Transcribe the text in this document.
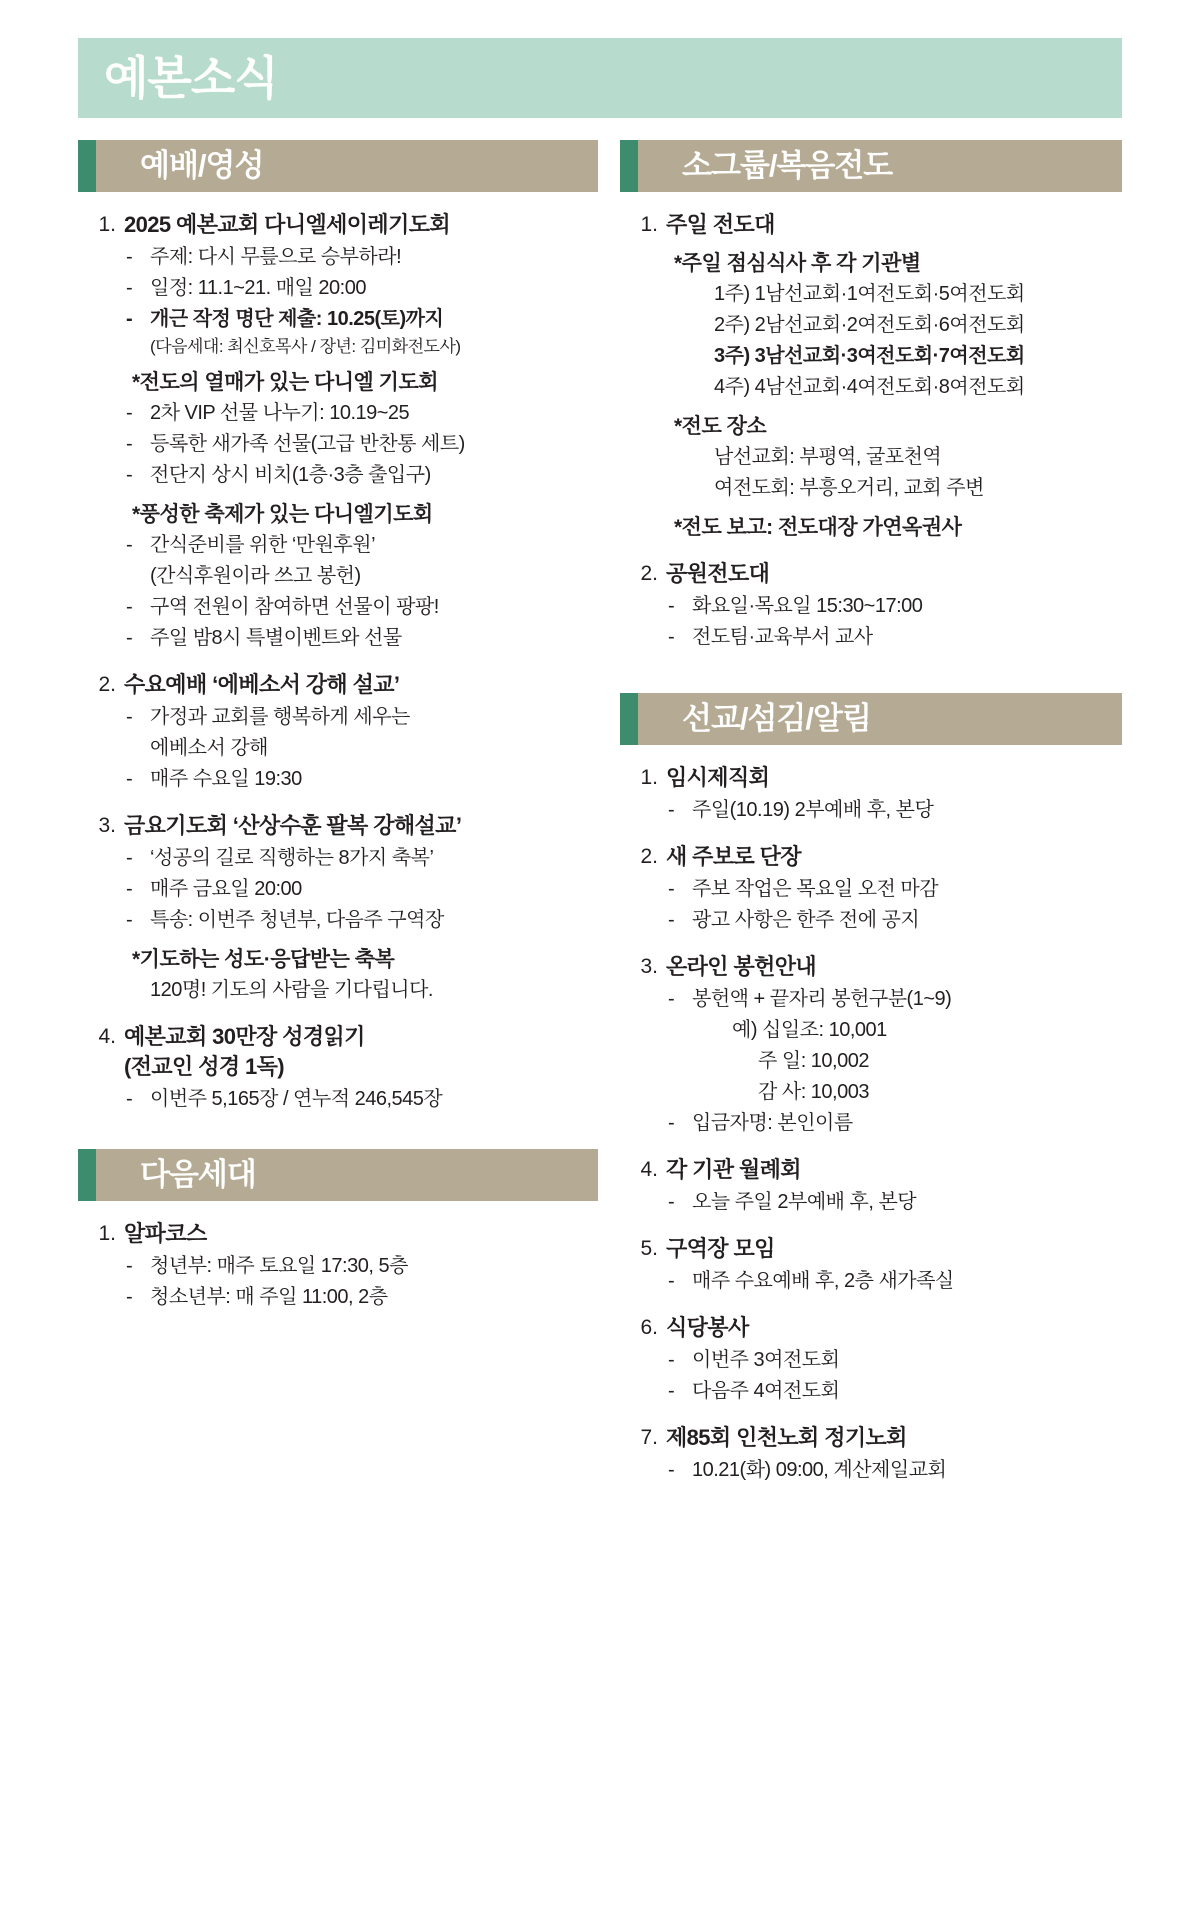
예본소식
예배/영성
1. 2025 예본교회 다니엘세이레기도회
- 주제: 다시 무릎으로 승부하라!
- 일정: 11.1~21. 매일 20:00
- 개근 작정 명단 제출: 10.25(토)까지
(다음세대: 최신호목사 / 장년: 김미화전도사)
*전도의 열매가 있는 다니엘 기도회
- 2차 VIP 선물 나누기: 10.19~25
- 등록한 새가족 선물(고급 반찬통 세트)
- 전단지 상시 비치(1층·3층 출입구)
*풍성한 축제가 있는 다니엘기도회
- 간식준비를 위한 ‘만원후원’
(간식후원이라 쓰고 봉헌)
- 구역 전원이 참여하면 선물이 팡팡!
- 주일 밤8시 특별이벤트와 선물
2. 수요예배 ‘에베소서 강해 설교’
- 가정과 교회를 행복하게 세우는
에베소서 강해
- 매주 수요일 19:30
3. 금요기도회 ‘산상수훈 팔복 강해설교’
- ‘성공의 길로 직행하는 8가지 축복’
- 매주 금요일 20:00
- 특송: 이번주 청년부, 다음주 구역장
*기도하는 성도·응답받는 축복
120명! 기도의 사람을 기다립니다.
4. 예본교회 30만장 성경읽기
(전교인 성경 1독)
- 이번주 5,165장 / 연누적 246,545장
다음세대
1. 알파코스
- 청년부: 매주 토요일 17:30, 5층
- 청소년부: 매 주일 11:00, 2층
소그룹/복음전도
1. 주일 전도대
*주일 점심식사 후 각 기관별
1주) 1남선교회·1여전도회·5여전도회
2주) 2남선교회·2여전도회·6여전도회
3주) 3남선교회·3여전도회·7여전도회
4주) 4남선교회·4여전도회·8여전도회
*전도 장소
남선교회: 부평역, 굴포천역
여전도회: 부흥오거리, 교회 주변
*전도 보고: 전도대장 가연옥권사
2. 공원전도대
- 화요일·목요일 15:30~17:00
- 전도팀·교육부서 교사
선교/섬김/알림
1. 임시제직회
- 주일(10.19) 2부예배 후, 본당
2. 새 주보로 단장
- 주보 작업은 목요일 오전 마감
- 광고 사항은 한주 전에 공지
3. 온라인 봉헌안내
- 봉헌액 + 끝자리 봉헌구분(1~9)
예) 십일조: 10,001
주 일: 10,002
감 사: 10,003
- 입금자명: 본인이름
4. 각 기관 월례회
- 오늘 주일 2부예배 후, 본당
5. 구역장 모임
- 매주 수요예배 후, 2층 새가족실
6. 식당봉사
- 이번주 3여전도회
- 다음주 4여전도회
7. 제85회 인천노회 정기노회
- 10.21(화) 09:00, 계산제일교회
